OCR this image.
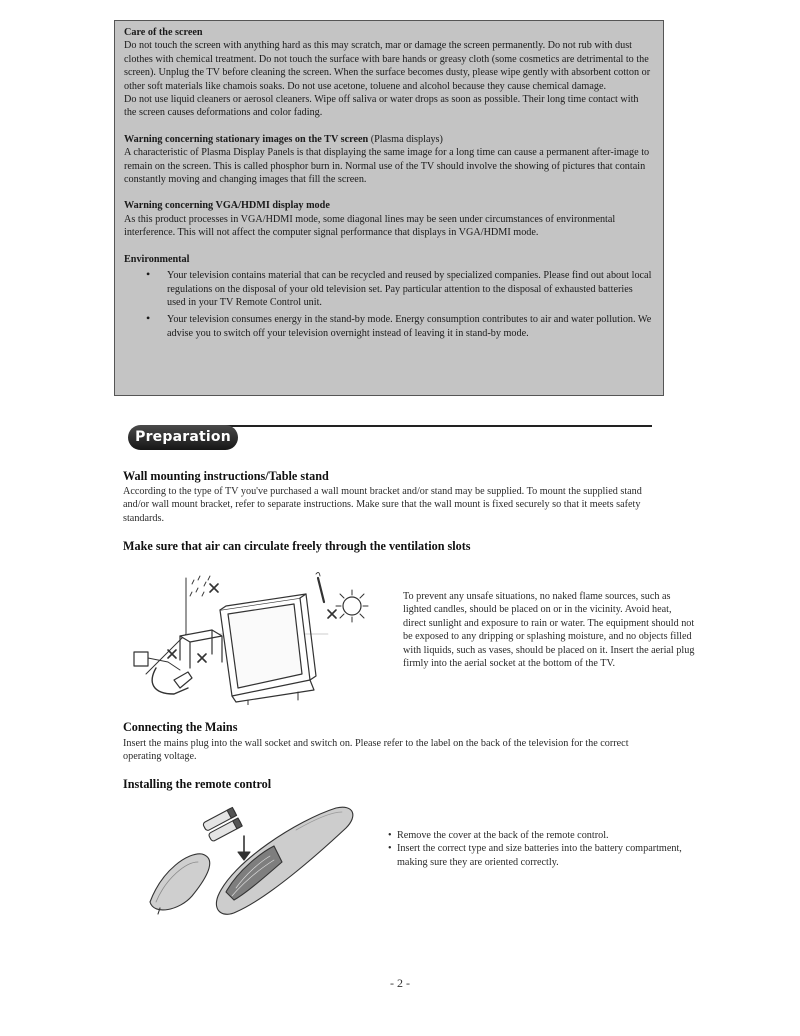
Care of the screen

Do not touch the screen with anything hard as this may scratch, mar or damage the screen permanently. Do not rub with dust clothes with chemical treatment. Do not touch the surface with bare hands or greasy cloth (some cosmetics are detrimental to the screen). Unplug the TV before cleaning the screen. When the surface becomes dusty, please wipe gently with absorbent cotton or other soft materials like chamois soaks. Do not use acetone, toluene and alcohol because they cause chemical damage.

Do not use liquid cleaners or aerosol cleaners. Wipe off saliva or water drops as soon as possible. Their long time contact with the screen causes deformations and color fading.

Warning concerning stationary images on the TV screen (Plasma displays)

A characteristic of Plasma Display Panels is that displaying the same image for a long time can cause a permanent after-image to remain on the screen. This is called phosphor burn in. Normal use of the TV should involve the showing of pictures that contain constantly moving and changing images that fill the screen.

Warning concerning VGA/HDMI display mode

As this product processes in VGA/HDMI mode, some diagonal lines may be seen under circumstances of environmental interference. This will not affect the computer signal performance that displays in VGA/HDMI mode.

Environmental
• Your television contains material that can be recycled and reused by specialized companies. Please find out about local regulations on the disposal of your old television set. Pay particular attention to the disposal of exhausted batteries used in your TV Remote Control unit.
• Your television consumes energy in the stand-by mode. Energy consumption contributes to air and water pollution. We advise you to switch off your television overnight instead of leaving it in stand-by mode.
Preparation
Wall mounting instructions/Table stand
According to the type of TV you've purchased a wall mount bracket and/or stand may be supplied. To mount the supplied stand and/or wall mount bracket, refer to separate instructions. Make sure that the wall mount is fixed securely so that it meets safety standards.
Make sure that air can circulate freely through the ventilation slots
To prevent any unsafe situations, no naked flame sources, such as lighted candles, should be placed on or in the vicinity. Avoid heat, direct sunlight and exposure to rain or water. The equipment should not be exposed to any dripping or splashing moisture, and no objects filled with liquids, such as vases, should be placed on it. Insert the aerial plug firmly into the aerial socket at the bottom of the TV.
Connecting the Mains
Insert the mains plug into the wall socket and switch on. Please refer to the label on the back of the television for the correct operating voltage.
Installing the remote control
• Remove the cover at the back of the remote control.
• Insert the correct type and size batteries into the battery compartment, making sure they are oriented correctly.
- 2 -
